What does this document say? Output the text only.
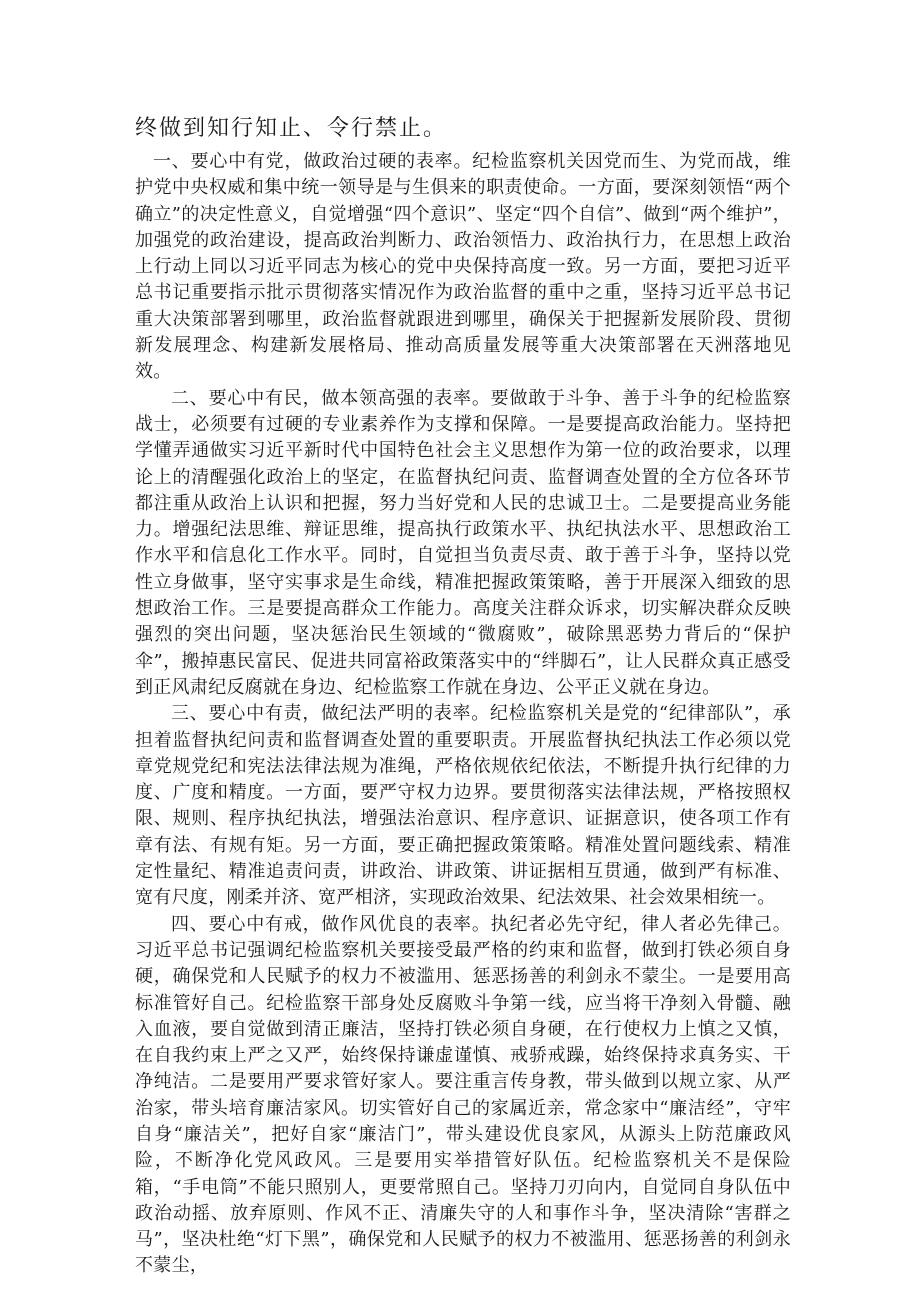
终做到知行知止、令行禁止。

一、要心中有党，做政治过硬的表率。纪检监察机关因党而生、为党而战，维护党中央权威和集中统一领导是与生俱来的职责使命。一方面，要深刻领悟“两个确立”的决定性意义，自觉增强“四个意识”、坚定“四个自信”、做到“两个维护”，加强党的政治建设，提高政治判断力、政治领悟力、政治执行力，在思想上政治上行动上同以习近平同志为核心的党中央保持高度一致。另一方面，要把习近平总书记重要指示批示贯彻落实情况作为政治监督的重中之重，坚持习近平总书记重大决策部署到哪里，政治监督就跟进到哪里，确保关于把握新发展阶段、贯彻新发展理念、构建新发展格局、推动高质量发展等重大决策部署在天洲落地见效。

二、要心中有民，做本领高强的表率。要做敢于斗争、善于斗争的纪检监察战士，必须要有过硬的专业素养作为支撑和保障。一是要提高政治能力。坚持把学懂弄通做实习近平新时代中国特色社会主义思想作为第一位的政治要求，以理论上的清醒强化政治上的坚定，在监督执纪问责、监督调查处置的全方位各环节都注重从政治上认识和把握，努力当好党和人民的忠诚卫士。二是要提高业务能力。增强纪法思维、辩证思维，提高执行政策水平、执纪执法水平、思想政治工作水平和信息化工作水平。同时，自觉担当负责尽责、敢于善于斗争，坚持以党性立身做事，坚守实事求是生命线，精准把握政策策略，善于开展深入细致的思想政治工作。三是要提高群众工作能力。高度关注群众诉求，切实解决群众反映强烈的突出问题，坚决惩治民生领域的“微腐败”，破除黑恶势力背后的“保护伞”，搬掉惠民富民、促进共同富裕政策落实中的“绊脚石”，让人民群众真正感受到正风肃纪反腐就在身边、纪检监察工作就在身边、公平正义就在身边。

三、要心中有责，做纪法严明的表率。纪检监察机关是党的“纪律部队”，承担着监督执纪问责和监督调查处置的重要职责。开展监督执纪执法工作必须以党章党规党纪和宪法法律法规为准绳，严格依规依纪依法，不断提升执行纪律的力度、广度和精度。一方面，要严守权力边界。要贯彻落实法律法规，严格按照权限、规则、程序执纪执法，增强法治意识、程序意识、证据意识，使各项工作有章有法、有规有矩。另一方面，要正确把握政策策略。精准处置问题线索、精准定性量纪、精准追责问责，讲政治、讲政策、讲证据相互贯通，做到严有标准、宽有尺度，刚柔并济、宽严相济，实现政治效果、纪法效果、社会效果相统一。

四、要心中有戒，做作风优良的表率。执纪者必先守纪，律人者必先律己。习近平总书记强调纪检监察机关要接受最严格的约束和监督，做到打铁必须自身硬，确保党和人民赋予的权力不被滥用、惩恶扬善的利剑永不蒙尘。一是要用高标准管好自己。纪检监察干部身处反腐败斗争第一线，应当将干净刻入骨髓、融入血液，要自觉做到清正廉洁，坚持打铁必须自身硬，在行使权力上慎之又慎，在自我约束上严之又严，始终保持谦虚谨慎、戒骄戒躁，始终保持求真务实、干净纯洁。二是要用严要求管好家人。要注重言传身教，带头做到以规立家、从严治家，带头培育廉洁家风。切实管好自己的家属近亲，常念家中“廉洁经”，守牢自身“廉洁关”，把好自家“廉洁门”，带头建设优良家风，从源头上防范廉政风险，不断净化党风政风。三是要用实举措管好队伍。纪检监察机关不是保险箱，“手电筒”不能只照别人，更要常照自己。坚持刀刃向内，自觉同自身队伍中政治动摇、放弃原则、作风不正、清廉失守的人和事作斗争，坚决清除“害群之马”，坚决杜绝“灯下黑”，确保党和人民赋予的权力不被滥用、惩恶扬善的利剑永不蒙尘，
